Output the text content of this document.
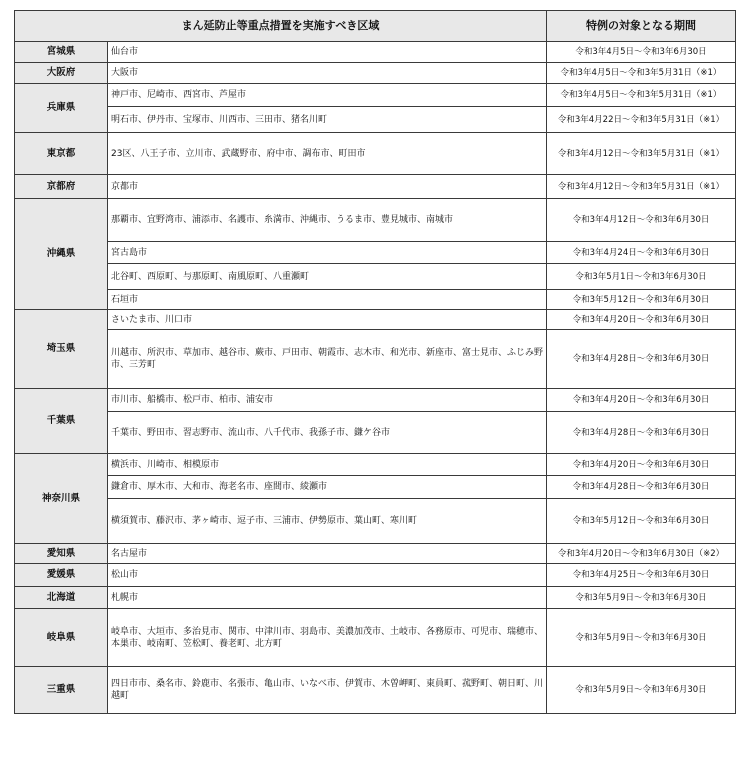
まん延防止等重点措置を実施すべき区域		特例の対象となる期間
宮城県	仙台市	令和3年4月5日～令和3年6月30日
大阪府	大阪市	令和3年4月5日～令和3年5月31日（※1）
兵庫県	神戸市、尼崎市、西宮市、芦屋市	令和3年4月5日～令和3年5月31日（※1）
	明石市、伊丹市、宝塚市、川西市、三田市、猪名川町	令和3年4月22日～令和3年5月31日（※1）
東京都	23区、八王子市、立川市、武蔵野市、府中市、調布市、町田市	令和3年4月12日～令和3年5月31日（※1）
京都府	京都市	令和3年4月12日～令和3年5月31日（※1）
沖縄県	那覇市、宜野湾市、浦添市、名護市、糸満市、沖縄市、うるま市、豊見城市、南城市	令和3年4月12日～令和3年6月30日
	宮古島市	令和3年4月24日～令和3年6月30日
	北谷町、西原町、与那原町、南風原町、八重瀬町	令和3年5月1日～令和3年6月30日
	石垣市	令和3年5月12日～令和3年6月30日
埼玉県	さいたま市、川口市	令和3年4月20日～令和3年6月30日
	川越市、所沢市、草加市、越谷市、蕨市、戸田市、朝霞市、志木市、和光市、新座市、富士見市、ふじみ野市、三芳町	令和3年4月28日～令和3年6月30日
千葉県	市川市、船橋市、松戸市、柏市、浦安市	令和3年4月20日～令和3年6月30日
	千葉市、野田市、習志野市、流山市、八千代市、我孫子市、鎌ケ谷市	令和3年4月28日～令和3年6月30日
神奈川県	横浜市、川崎市、相模原市	令和3年4月20日～令和3年6月30日
	鎌倉市、厚木市、大和市、海老名市、座間市、綾瀬市	令和3年4月28日～令和3年6月30日
	横須賀市、藤沢市、茅ヶ崎市、逗子市、三浦市、伊勢原市、葉山町、寒川町	令和3年5月12日～令和3年6月30日
愛知県	名古屋市	令和3年4月20日～令和3年6月30日（※2）
愛媛県	松山市	令和3年4月25日～令和3年6月30日
北海道	札幌市	令和3年5月9日～令和3年6月30日
岐阜県	岐阜市、大垣市、多治見市、関市、中津川市、羽島市、美濃加茂市、土岐市、各務原市、可児市、瑞穂市、本巣市、岐南町、笠松町、養老町、北方町	令和3年5月9日～令和3年6月30日
三重県	四日市市、桑名市、鈴鹿市、名張市、亀山市、いなべ市、伊賀市、木曽岬町、東員町、菰野町、朝日町、川越町	令和3年5月9日～令和3年6月30日
